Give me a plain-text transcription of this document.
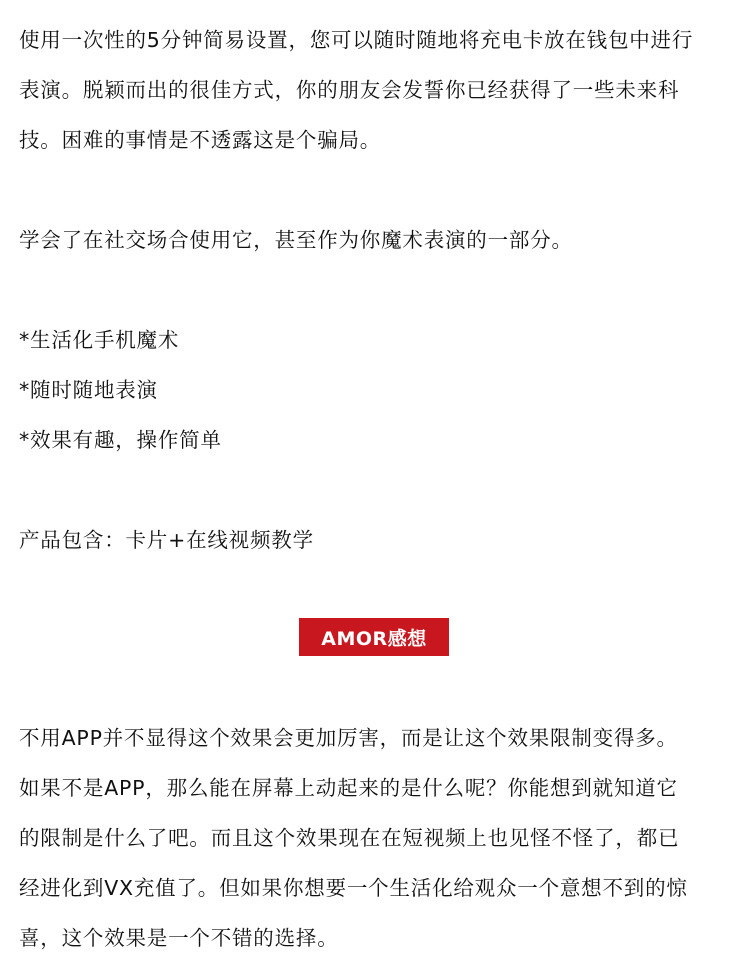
使用一次性的5分钟简易设置，您可以随时随地将充电卡放在钱包中进行
表演。脱颖而出的很佳方式，你的朋友会发誓你已经获得了一些未来科
技。困难的事情是不透露这是个骗局。
学会了在社交场合使用它，甚至作为你魔术表演的一部分。
*生活化手机魔术
*随时随地表演
*效果有趣，操作简单
产品包含：卡片+在线视频教学
AMOR感想
不用APP并不显得这个效果会更加厉害，而是让这个效果限制变得多。
如果不是APP，那么能在屏幕上动起来的是什么呢？你能想到就知道它
的限制是什么了吧。而且这个效果现在在短视频上也见怪不怪了，都已
经进化到VX充值了。但如果你想要一个生活化给观众一个意想不到的惊
喜，这个效果是一个不错的选择。
